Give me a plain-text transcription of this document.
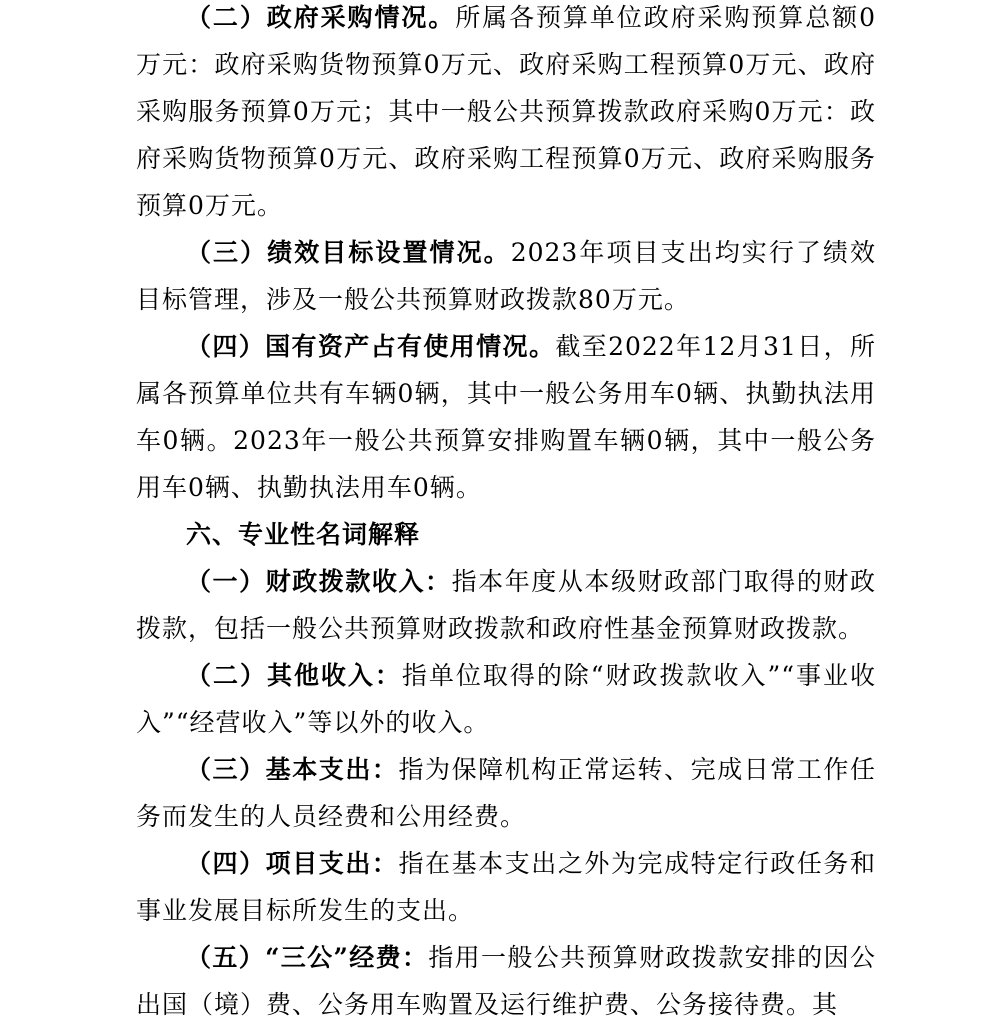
（二）政府采购情况。所属各预算单位政府采购预算总额0万元：政府采购货物预算0万元、政府采购工程预算0万元、政府采购服务预算0万元；其中一般公共预算拨款政府采购0万元：政府采购货物预算0万元、政府采购工程预算0万元、政府采购服务预算0万元。

（三）绩效目标设置情况。2023年项目支出均实行了绩效目标管理，涉及一般公共预算财政拨款80万元。

（四）国有资产占有使用情况。截至2022年12月31日，所属各预算单位共有车辆0辆，其中一般公务用车0辆、执勤执法用车0辆。2023年一般公共预算安排购置车辆0辆，其中一般公务用车0辆、执勤执法用车0辆。

六、专业性名词解释

（一）财政拨款收入：指本年度从本级财政部门取得的财政拨款，包括一般公共预算财政拨款和政府性基金预算财政拨款。

（二）其他收入：指单位取得的除“财政拨款收入”“事业收入”“经营收入”等以外的收入。

（三）基本支出：指为保障机构正常运转、完成日常工作任务而发生的人员经费和公用经费。

（四）项目支出：指在基本支出之外为完成特定行政任务和事业发展目标所发生的支出。

（五）“三公”经费：指用一般公共预算财政拨款安排的因公出国（境）费、公务用车购置及运行维护费、公务接待费。其
